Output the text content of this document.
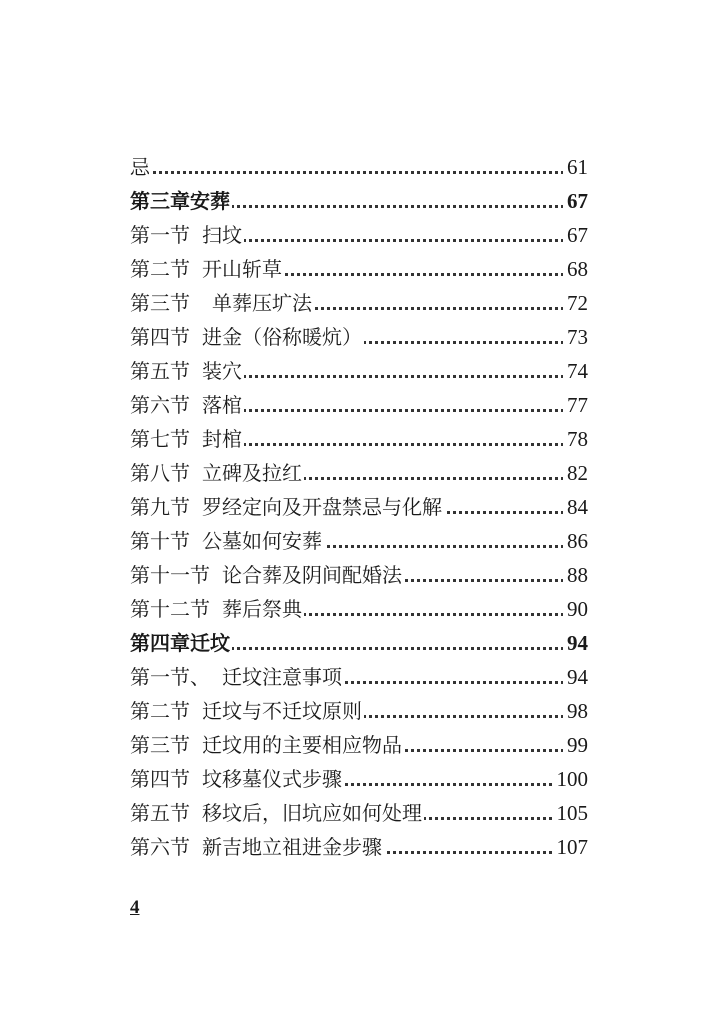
忌	61
第三章安葬	67
第一节 扫坟	67
第二节 开山斩草	68
第三节 单葬压圹法	72
第四节 进金（俗称暖炕）	73
第五节 装穴	74
第六节 落棺	77
第七节 封棺	78
第八节 立碑及拉红	82
第九节 罗经定向及开盘禁忌与化解	84
第十节 公墓如何安葬	86
第十一节 论合葬及阴间配婚法	88
第十二节 葬后祭典	90
第四章迁坟	94
第一节、 迁坟注意事项	94
第二节 迁坟与不迁坟原则	98
第三节 迁坟用的主要相应物品	99
第四节 坟移墓仪式步骤	100
第五节 移坟后，旧坑应如何处理	105
第六节 新吉地立祖进金步骤	107
4
